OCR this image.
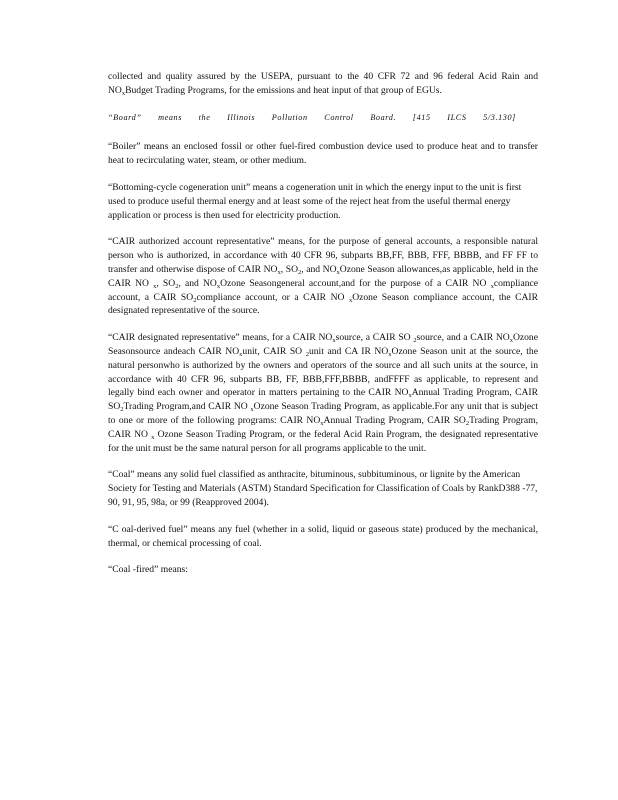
collected and quality assured by the USEPA, pursuant to the 40 CFR 72 and 96 federal Acid Rain and $NO_xBudget$ Trading Programs, for the emissions and heat input of that group of EGUs.

“Board” means the Illinois Pollution Control Board. [415 ILCS 5/3.130]

“Boiler” means an enclosed fossil or other fuel-fired combustion device used to produce heat and to transfer heat to recirculating water, steam, or other medium.

“Bottoming-cycle cogeneration unit” means a cogeneration unit in which the energy input to the unit is first used to produce useful thermal energy and at least some of the reject heat from the useful thermal energy application or process is then used for electricity production.

“CAIR authorized account representative” means, for the purpose of general accounts, a responsible natural person who is authorized, in accordance with 40 CFR 96, subparts BB,FF, BBB, FFF, BBBB, and FF FF to transfer and otherwise dispose of CAIR $NO_x$, $SO_2$, and $NO_xOzone$ Season allowances,as applicable, held in the CAIR NO $_x$, $SO_2$, and $NO_xOzone$ Seasongeneral account,and for the purpose of a CAIR NO $_x$compliance account, a CAIR $SO_2compliance$ account, or a CAIR NO $_x$Ozone Season compliance account, the CAIR designated representative of the source.

“CAIR designated representative” means, for a CAIR $NO_xsource$, a CAIR SO $_2$source, and a CAIR $NO_xOzone$ Seasonsource andeach CAIR $NO_xunit$, CAIR SO $_2$unit and CA IR $NO_xOzone$ Season unit at the source, the natural personwho is authorized by the owners and operators of the source and all such units at the source, in accordance with 40 CFR 96, subparts BB, FF, BBB,FFF,BBBB, andFFFF as applicable, to represent and legally bind each owner and operator in matters pertaining to the CAIR $NO_xAnnual$ Trading Program, CAIR $SO_2Trading$ Program,and CAIR NO $_x$Ozone Season Trading Program, as applicable.For any unit that is subject to one or more of the following programs: CAIR $NO_xAnnual$ Trading Program, CAIR $SO_2Trading$ Program, CAIR NO $_x$ Ozone Season Trading Program, or the federal Acid Rain Program, the designated representative for the unit must be the same natural person for all programs applicable to the unit.

“Coal” means any solid fuel classified as anthracite, bituminous, subbituminous, or lignite by the American Society for Testing and Materials (ASTM) Standard Specification for Classification of Coals by RankD388 -77, 90, 91, 95, 98a, or 99 (Reapproved 2004).

“C oal-derived fuel” means any fuel (whether in a solid, liquid or gaseous state) produced by the mechanical, thermal, or chemical processing of coal.

“Coal -fired” means:
